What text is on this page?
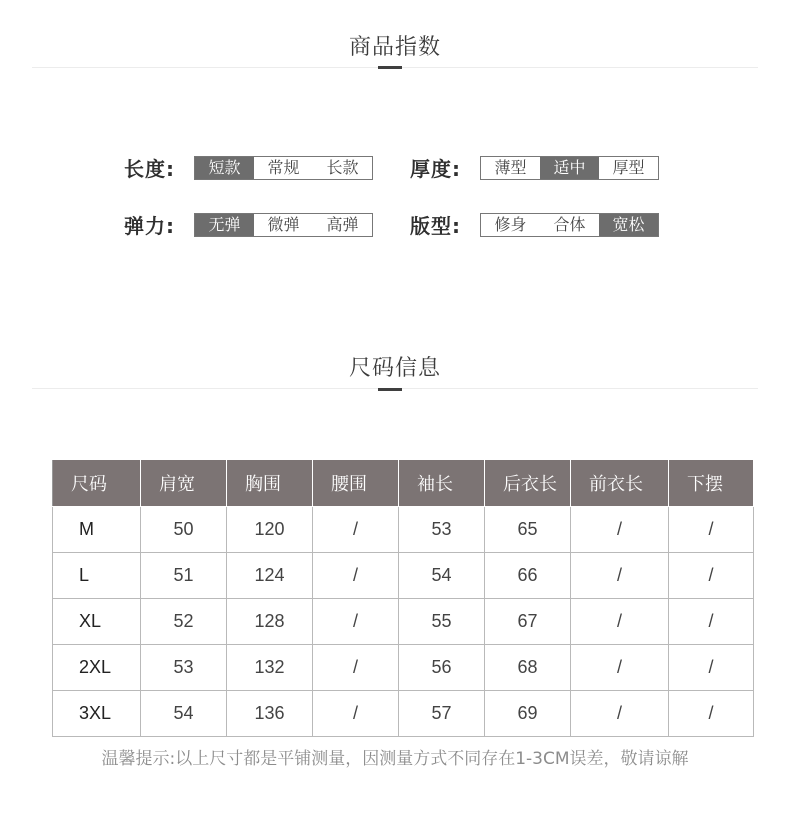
商品指数
长度:	短款	常规	长款	厚度:	薄型	适中	厚型
弹力:	无弹	微弹	高弹	版型:	修身	合体	宽松
尺码信息
尺码	肩宽	胸围	腰围	袖长	后衣长	前衣长	下摆
M	50	120	/	53	65	/	/
L	51	124	/	54	66	/	/
XL	52	128	/	55	67	/	/
2XL	53	132	/	56	68	/	/
3XL	54	136	/	57	69	/	/
温馨提示:以上尺寸都是平铺测量，因测量方式不同存在1-3CM误差，敬请谅解
